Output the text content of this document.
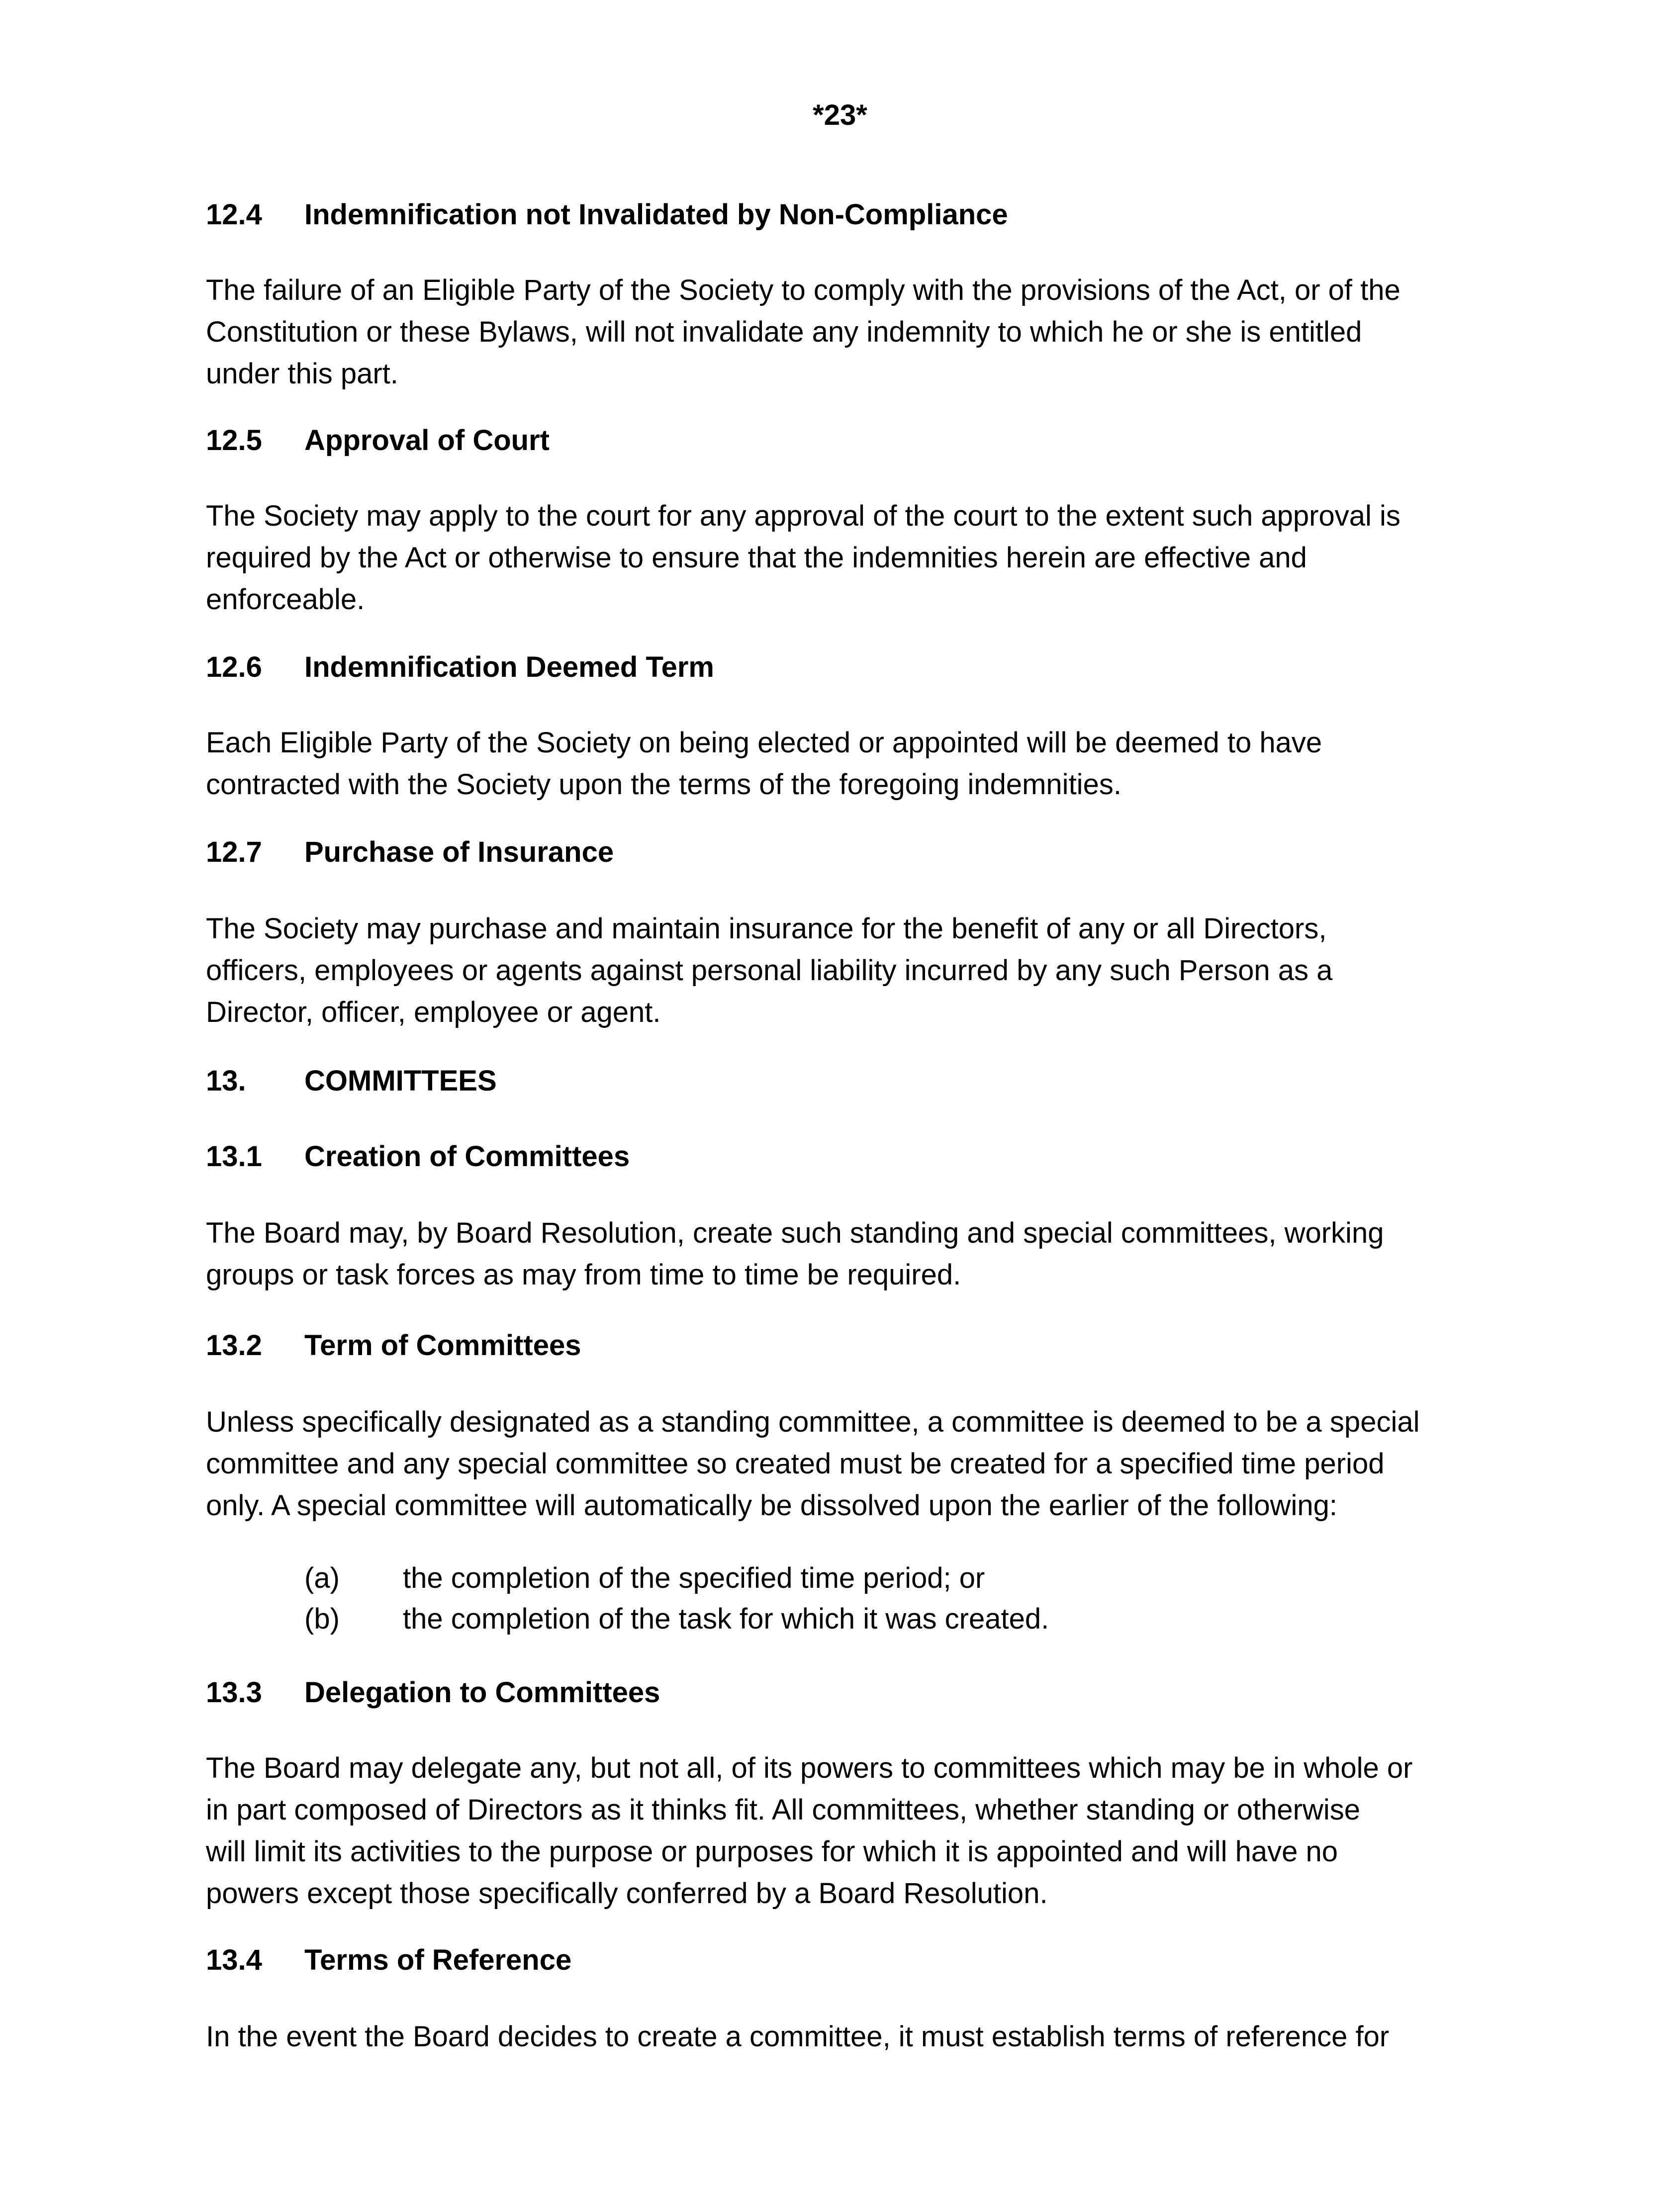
*23*
12.4 Indemnification not Invalidated by Non-Compliance
The failure of an Eligible Party of the Society to comply with the provisions of the Act, or of the
Constitution or these Bylaws, will not invalidate any indemnity to which he or she is entitled
under this part.
12.5 Approval of Court
The Society may apply to the court for any approval of the court to the extent such approval is
required by the Act or otherwise to ensure that the indemnities herein are effective and
enforceable.
12.6 Indemnification Deemed Term
Each Eligible Party of the Society on being elected or appointed will be deemed to have
contracted with the Society upon the terms of the foregoing indemnities.
12.7 Purchase of Insurance
The Society may purchase and maintain insurance for the benefit of any or all Directors,
officers, employees or agents against personal liability incurred by any such Person as a
Director, officer, employee or agent.
13. COMMITTEES
13.1 Creation of Committees
The Board may, by Board Resolution, create such standing and special committees, working
groups or task forces as may from time to time be required.
13.2 Term of Committees
Unless specifically designated as a standing committee, a committee is deemed to be a special
committee and any special committee so created must be created for a specified time period
only. A special committee will automatically be dissolved upon the earlier of the following:
(a) the completion of the specified time period; or
(b) the completion of the task for which it was created.
13.3 Delegation to Committees
The Board may delegate any, but not all, of its powers to committees which may be in whole or
in part composed of Directors as it thinks fit. All committees, whether standing or otherwise
will limit its activities to the purpose or purposes for which it is appointed and will have no
powers except those specifically conferred by a Board Resolution.
13.4 Terms of Reference
In the event the Board decides to create a committee, it must establish terms of reference for
